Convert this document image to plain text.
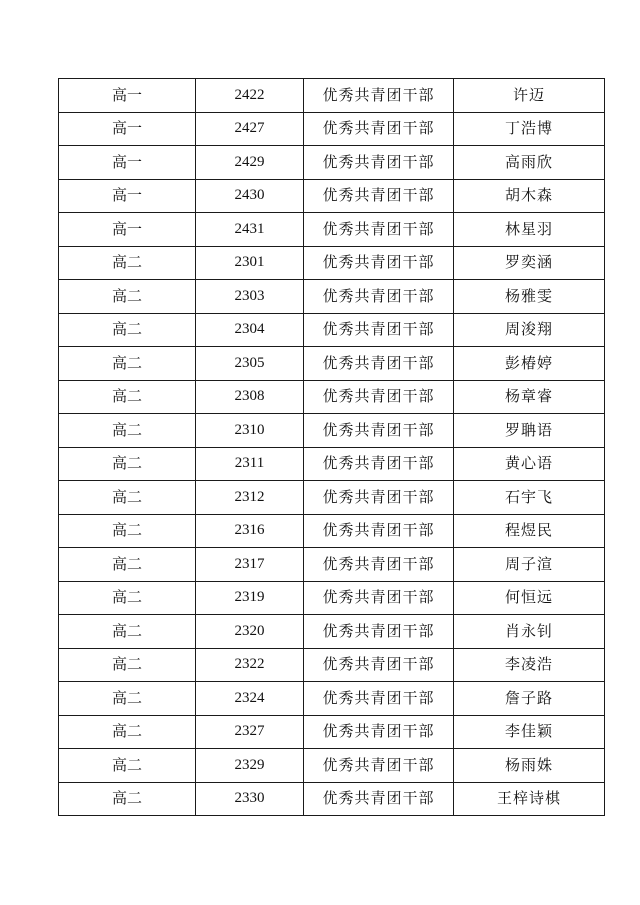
高一	2422	优秀共青团干部	许迈
高一	2427	优秀共青团干部	丁浩博
高一	2429	优秀共青团干部	高雨欣
高一	2430	优秀共青团干部	胡木森
高一	2431	优秀共青团干部	林星羽
高二	2301	优秀共青团干部	罗奕涵
高二	2303	优秀共青团干部	杨雅雯
高二	2304	优秀共青团干部	周浚翔
高二	2305	优秀共青团干部	彭椿婷
高二	2308	优秀共青团干部	杨章睿
高二	2310	优秀共青团干部	罗聃语
高二	2311	优秀共青团干部	黄心语
高二	2312	优秀共青团干部	石宇飞
高二	2316	优秀共青团干部	程煜民
高二	2317	优秀共青团干部	周子渲
高二	2319	优秀共青团干部	何恒远
高二	2320	优秀共青团干部	肖永钊
高二	2322	优秀共青团干部	李凌浩
高二	2324	优秀共青团干部	詹子路
高二	2327	优秀共青团干部	李佳颖
高二	2329	优秀共青团干部	杨雨姝
高二	2330	优秀共青团干部	王梓诗棋
